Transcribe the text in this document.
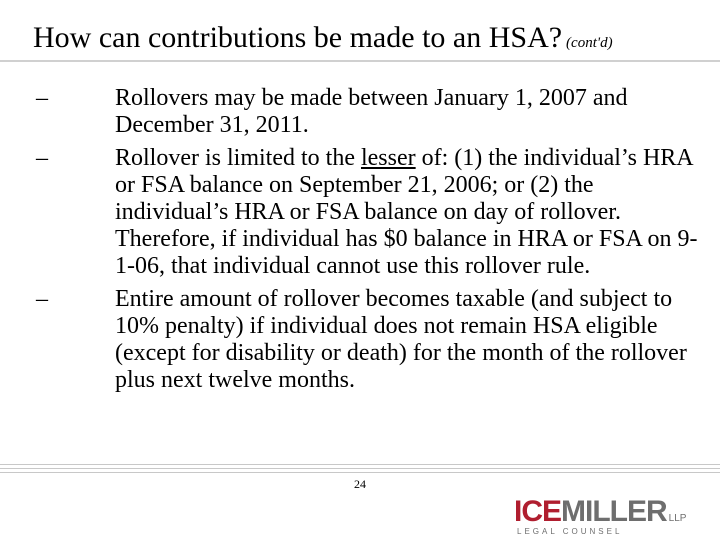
How can contributions be made to an HSA? (cont'd)
–	Rollovers may be made between January 1, 2007 and December 31, 2011.
–	Rollover is limited to the lesser of: (1) the individual’s HRA or FSA balance on September 21, 2006; or (2) the individual’s HRA or FSA balance on day of rollover. Therefore, if individual has $0 balance in HRA or FSA on 9-1-06, that individual cannot use this rollover rule.
–	Entire amount of rollover becomes taxable (and subject to 10% penalty) if individual does not remain HSA eligible (except for disability or death) for the month of the rollover plus next twelve months.
24
ICEMILLER LLP
LEGAL COUNSEL
